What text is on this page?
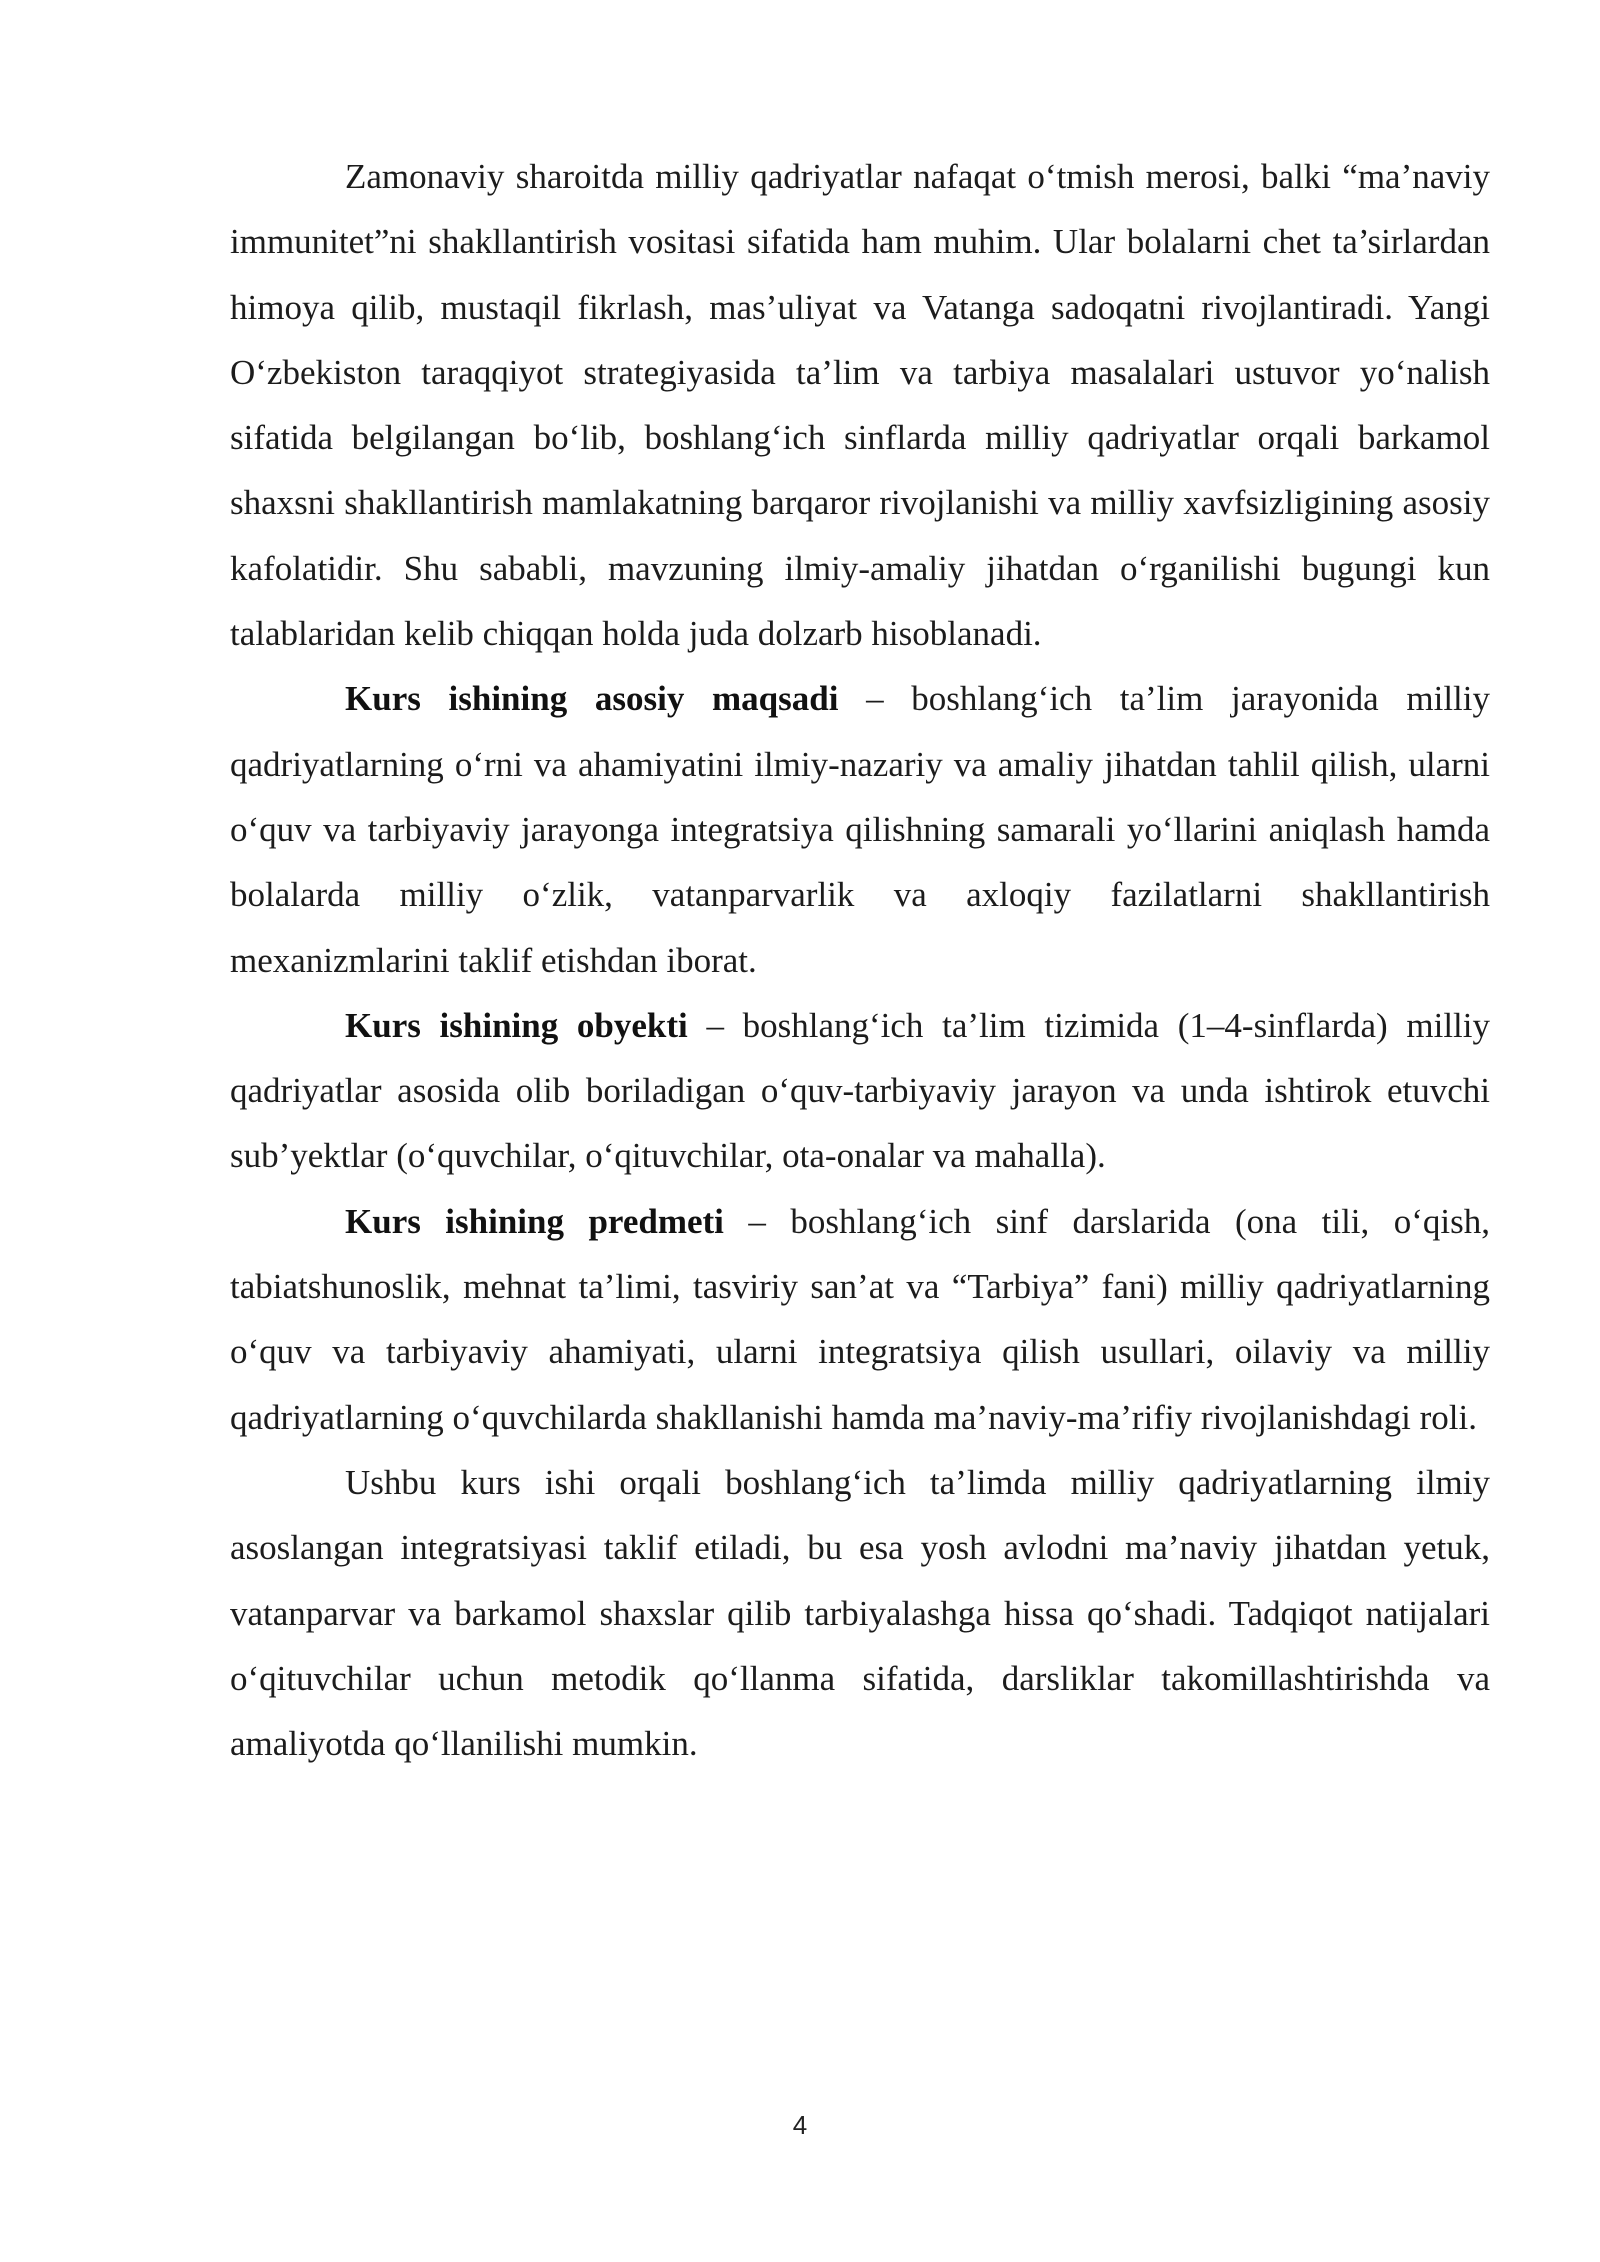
Zamonaviy sharoitda milliy qadriyatlar nafaqat o‘tmish merosi, balki “ma’naviy immunitet”ni shakllantirish vositasi sifatida ham muhim. Ular bolalarni chet ta’sirlardan himoya qilib, mustaqil fikrlash, mas’uliyat va Vatanga sadoqatni rivojlantiradi. Yangi O‘zbekiston taraqqiyot strategiyasida ta’lim va tarbiya masalalari ustuvor yo‘nalish sifatida belgilangan bo‘lib, boshlang‘ich sinflarda milliy qadriyatlar orqali barkamol shaxsni shakllantirish mamlakatning barqaror rivojlanishi va milliy xavfsizligining asosiy kafolatidir. Shu sababli, mavzuning ilmiy-amaliy jihatdan o‘rganilishi bugungi kun talablaridan kelib chiqqan holda juda dolzarb hisoblanadi.

Kurs ishining asosiy maqsadi – boshlang‘ich ta’lim jarayonida milliy qadriyatlarning o‘rni va ahamiyatini ilmiy-nazariy va amaliy jihatdan tahlil qilish, ularni o‘quv va tarbiyaviy jarayonga integratsiya qilishning samarali yo‘llarini aniqlash hamda bolalarda milliy o‘zlik, vatanparvarlik va axloqiy fazilatlarni shakllantirish mexanizmlarini taklif etishdan iborat.

Kurs ishining obyekti – boshlang‘ich ta’lim tizimida (1–4-sinflarda) milliy qadriyatlar asosida olib boriladigan o‘quv-tarbiyaviy jarayon va unda ishtirok etuvchi sub’yektlar (o‘quvchilar, o‘qituvchilar, ota-onalar va mahalla).

Kurs ishining predmeti – boshlang‘ich sinf darslarida (ona tili, o‘qish, tabiatshunoslik, mehnat ta’limi, tasviriy san’at va “Tarbiya” fani) milliy qadriyatlarning o‘quv va tarbiyaviy ahamiyati, ularni integratsiya qilish usullari, oilaviy va milliy qadriyatlarning o‘quvchilarda shakllanishi hamda ma’naviy-ma’rifiy rivojlanishdagi roli.

Ushbu kurs ishi orqali boshlang‘ich ta’limda milliy qadriyatlarning ilmiy asoslangan integratsiyasi taklif etiladi, bu esa yosh avlodni ma’naviy jihatdan yetuk, vatanparvar va barkamol shaxslar qilib tarbiyalashga hissa qo‘shadi. Tadqiqot natijalari o‘qituvchilar uchun metodik qo‘llanma sifatida, darsliklar takomillashtirishda va amaliyotda qo‘llanilishi mumkin.

4
